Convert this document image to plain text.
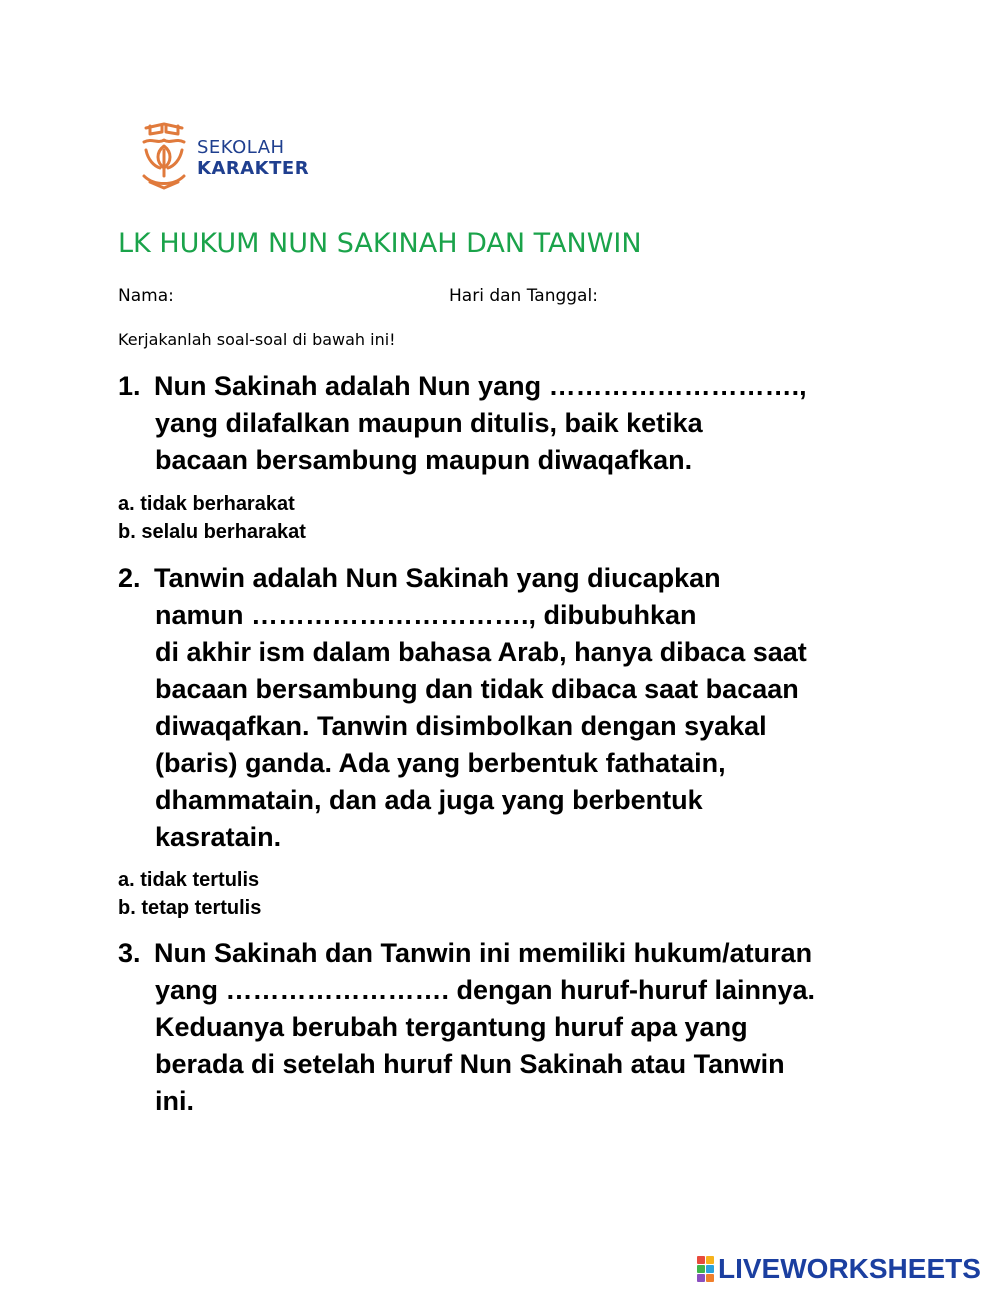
SEKOLAH
KARAKTER
LK HUKUM NUN SAKINAH DAN TANWIN
Nama:	Hari dan Tanggal:
Kerjakanlah soal-soal di bawah ini!
1. Nun Sakinah adalah Nun yang ……………………….,
yang dilafalkan maupun ditulis, baik ketika
bacaan bersambung maupun diwaqafkan.
a. tidak berharakat
b. selalu berharakat
2. Tanwin adalah Nun Sakinah yang diucapkan
namun …………………………., dibubuhkan
di akhir ism dalam bahasa Arab, hanya dibaca saat
bacaan bersambung dan tidak dibaca saat bacaan
diwaqafkan. Tanwin disimbolkan dengan syakal
(baris) ganda. Ada yang berbentuk fathatain,
dhammatain, dan ada juga yang berbentuk
kasratain.
a. tidak tertulis
b. tetap tertulis
3. Nun Sakinah dan Tanwin ini memiliki hukum/aturan
yang ……………………. dengan huruf-huruf lainnya.
Keduanya berubah tergantung huruf apa yang
berada di setelah huruf Nun Sakinah atau Tanwin
ini.
LIVEWORKSHEETS
